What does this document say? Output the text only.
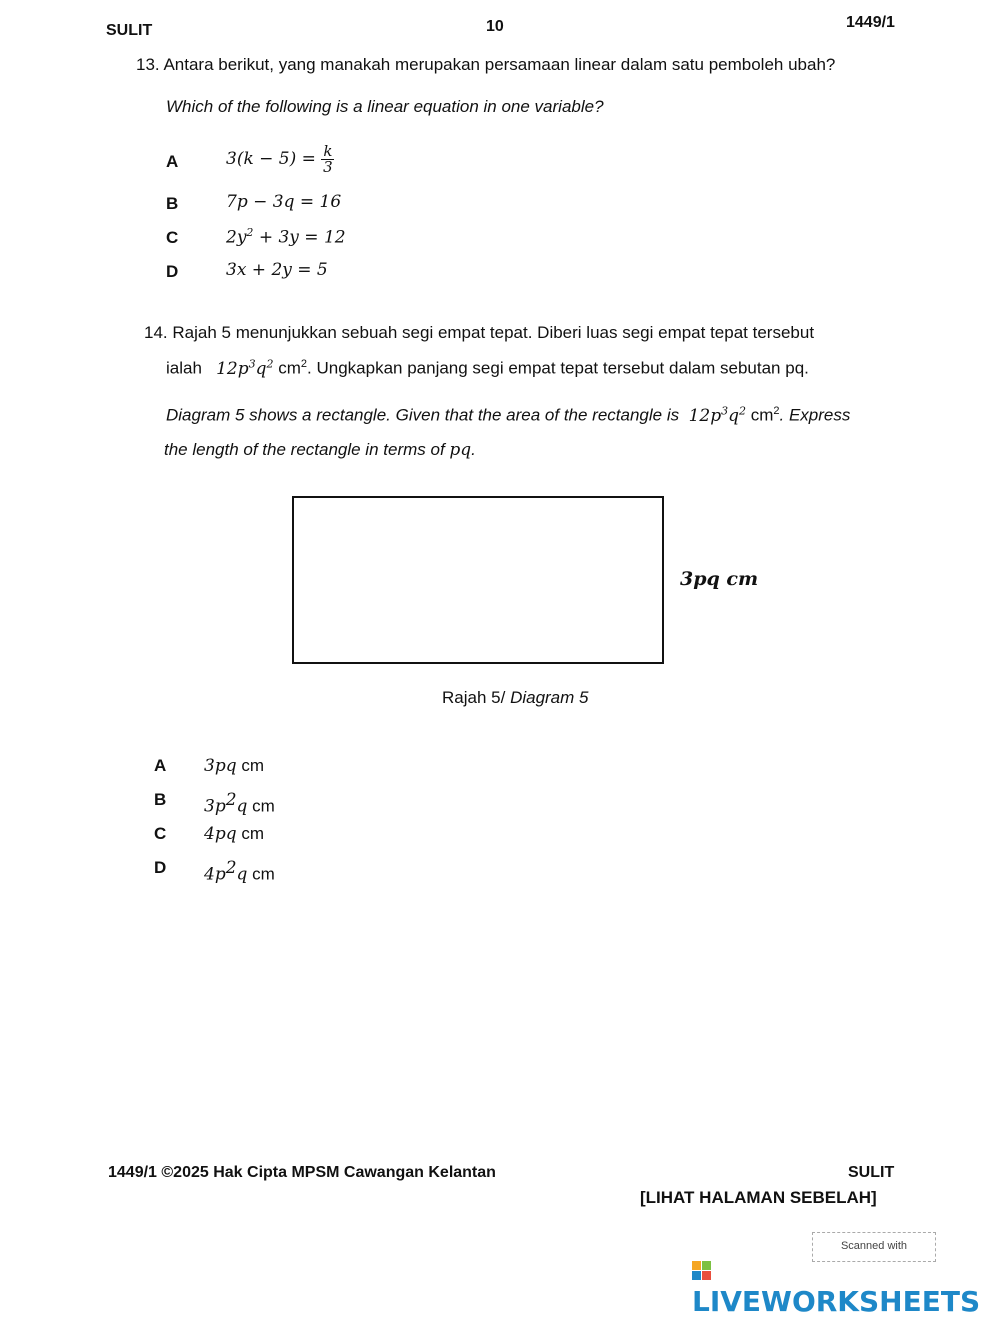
SULIT	10	1449/1
13. Antara berikut, yang manakah merupakan persamaan linear dalam satu pemboleh ubah?
Which of the following is a linear equation in one variable?
A	$3(k - 5) = \frac{k}{3}$
B	7p − 3q = 16
C	$2y^2 + 3y = 12$
D	3x + 2y = 5
14. Rajah 5 menunjukkan sebuah segi empat tepat. Diberi luas segi empat tepat tersebut
ialah $12p^3q^2$ $cm^2$. Ungkapkan panjang segi empat tepat tersebut dalam sebutan pq.
Diagram 5 shows a rectangle. Given that the area of the rectangle is $12p^3q^2$ $cm^2$. Express
the length of the rectangle in terms of pq.
3pq cm
Rajah 5/ Diagram 5
A 3pq cm
B $3p^2q$ cm
C 4pq cm
D $4p^2q$ cm
1449/1 ©2025 Hak Cipta MPSM Cawangan Kelantan	SULIT
[LIHAT HALAMAN SEBELAH]
Scanned with
LIVEWORKSHEETS
